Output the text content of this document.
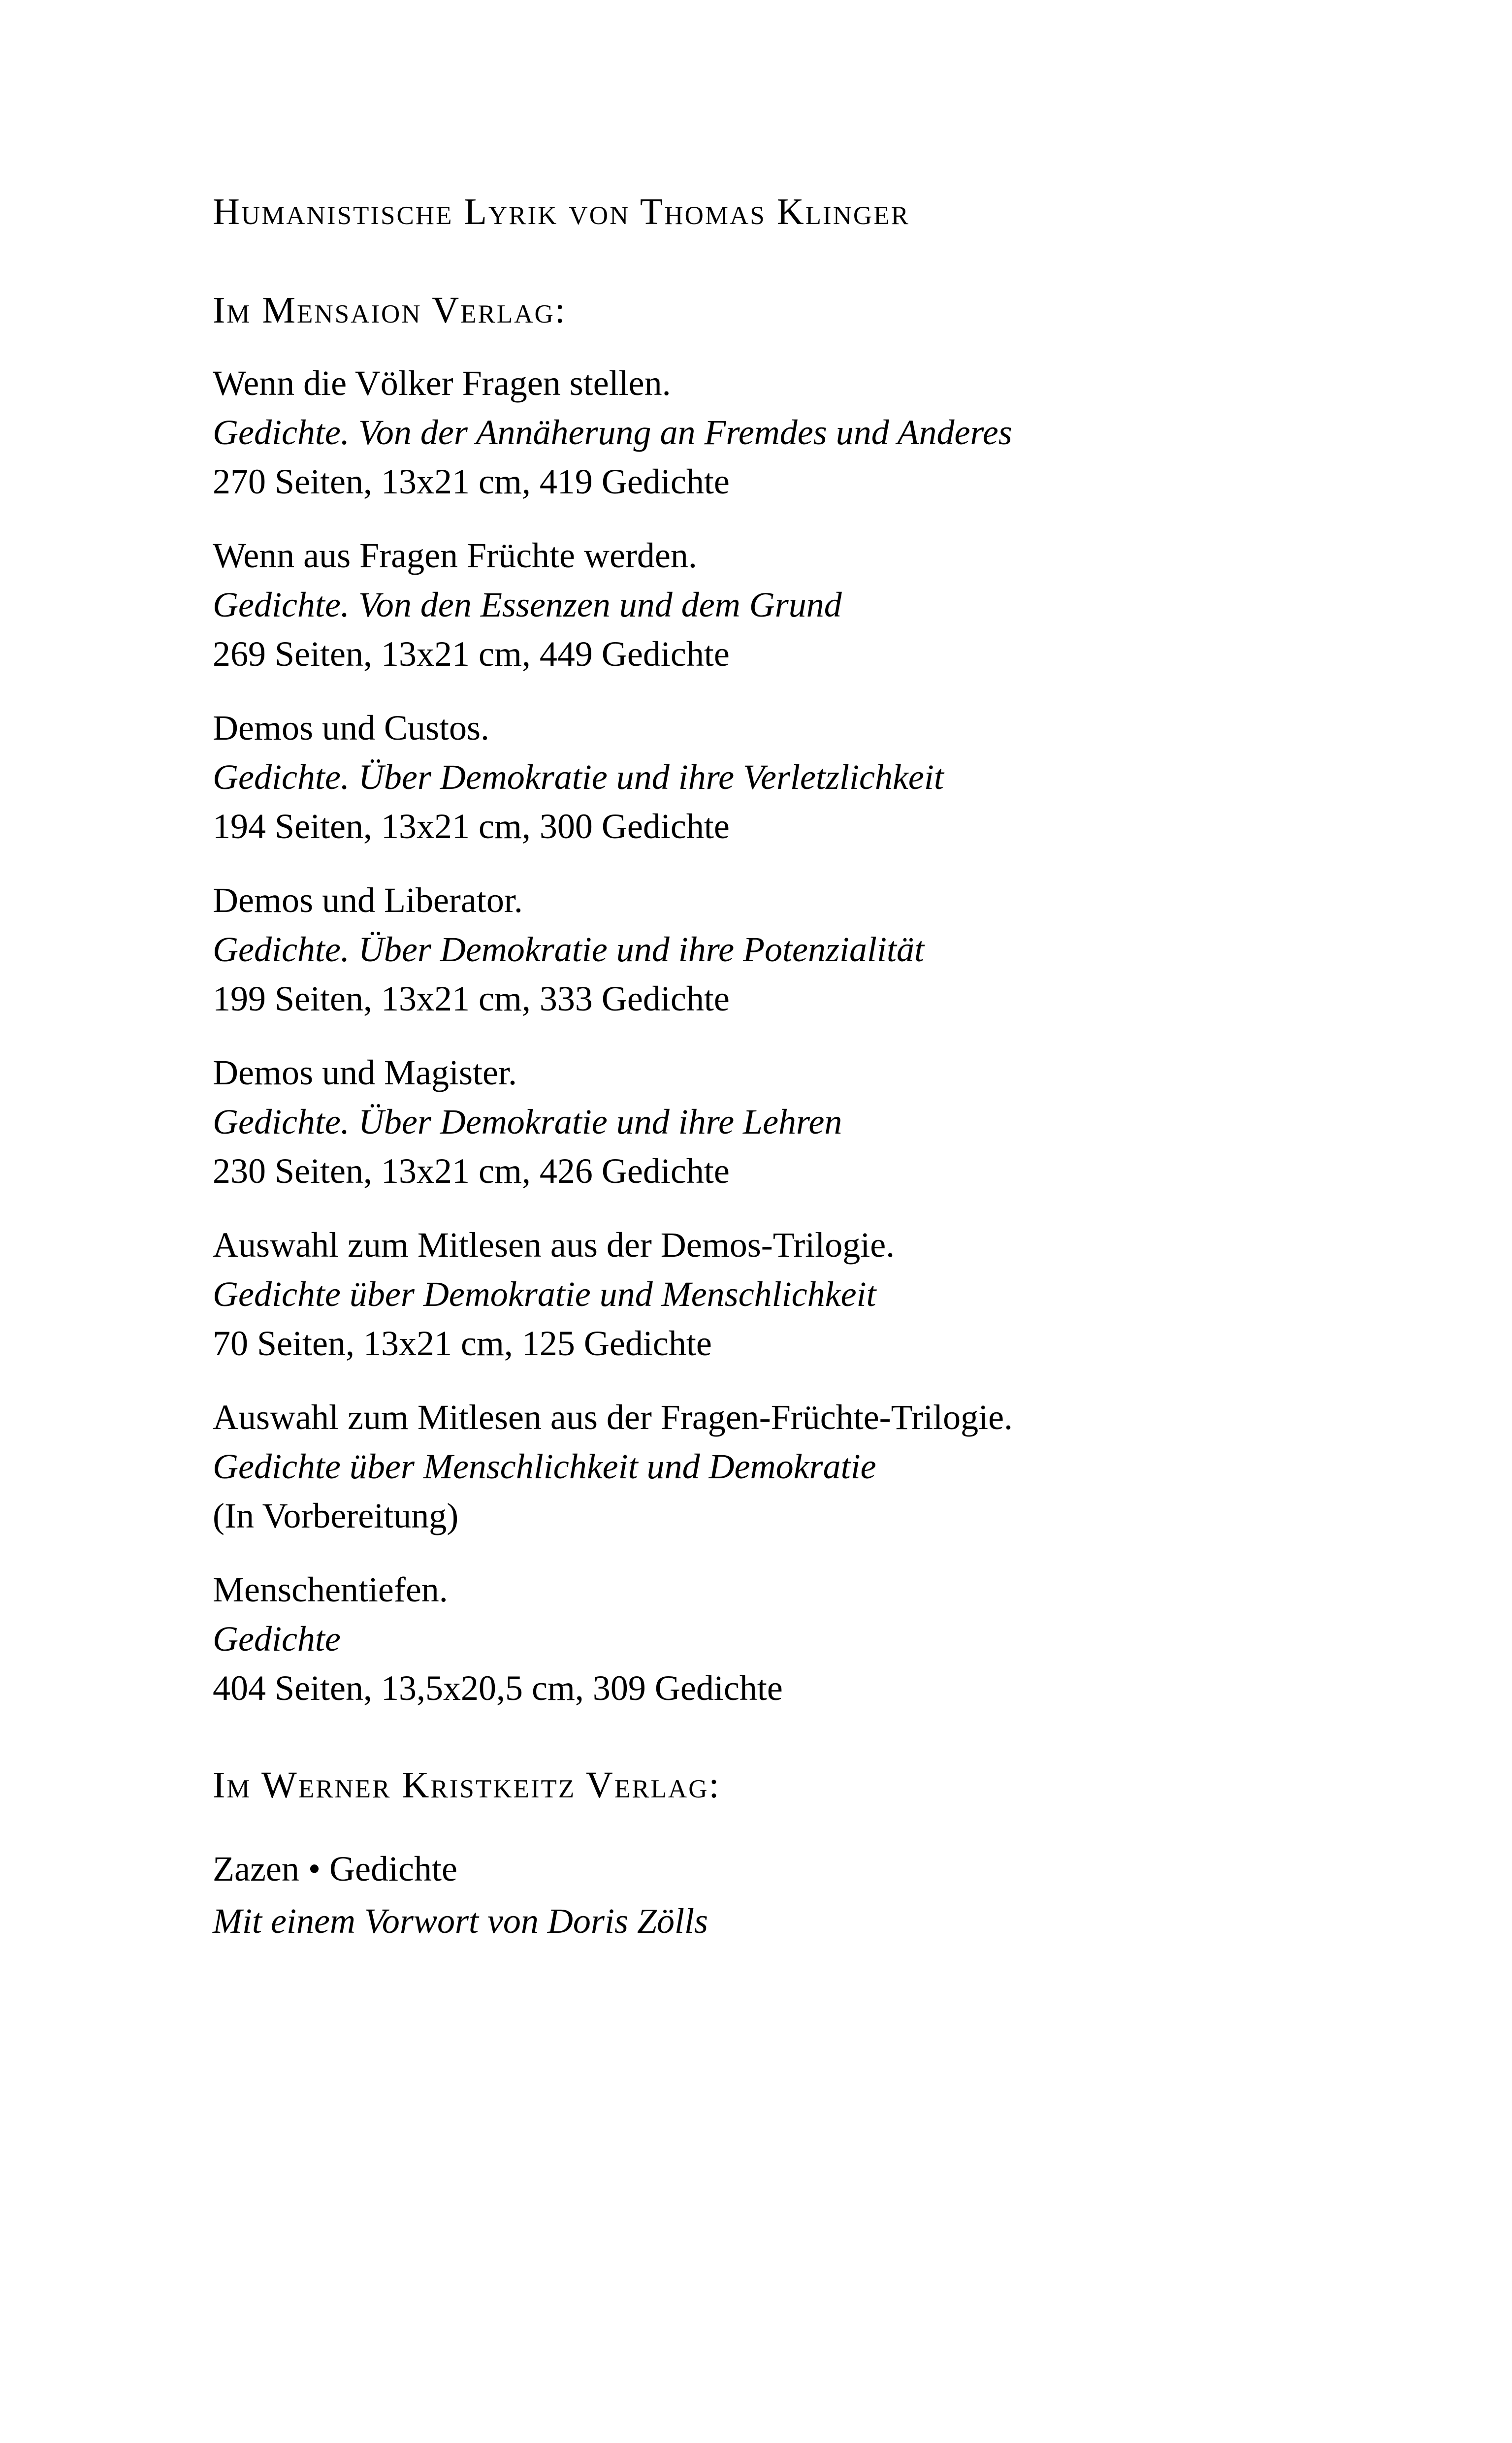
Humanistische Lyrik von Thomas Klinger
Im Mensaion Verlag:
Wenn die Völker Fragen stellen.
Gedichte. Von der Annäherung an Fremdes und Anderes
270 Seiten, 13x21 cm, 419 Gedichte
Wenn aus Fragen Früchte werden.
Gedichte. Von den Essenzen und dem Grund
269 Seiten, 13x21 cm, 449 Gedichte
Demos und Custos.
Gedichte. Über Demokratie und ihre Verletzlichkeit
194 Seiten, 13x21 cm, 300 Gedichte
Demos und Liberator.
Gedichte. Über Demokratie und ihre Potenzialität
199 Seiten, 13x21 cm, 333 Gedichte
Demos und Magister.
Gedichte. Über Demokratie und ihre Lehren
230 Seiten, 13x21 cm, 426 Gedichte
Auswahl zum Mitlesen aus der Demos-Trilogie.
Gedichte über Demokratie und Menschlichkeit
70 Seiten, 13x21 cm, 125 Gedichte
Auswahl zum Mitlesen aus der Fragen-Früchte-Trilogie.
Gedichte über Menschlichkeit und Demokratie
(In Vorbereitung)
Menschentiefen.
Gedichte
404 Seiten, 13,5x20,5 cm, 309 Gedichte
Im Werner Kristkeitz Verlag:
Zazen • Gedichte
Mit einem Vorwort von Doris Zölls
